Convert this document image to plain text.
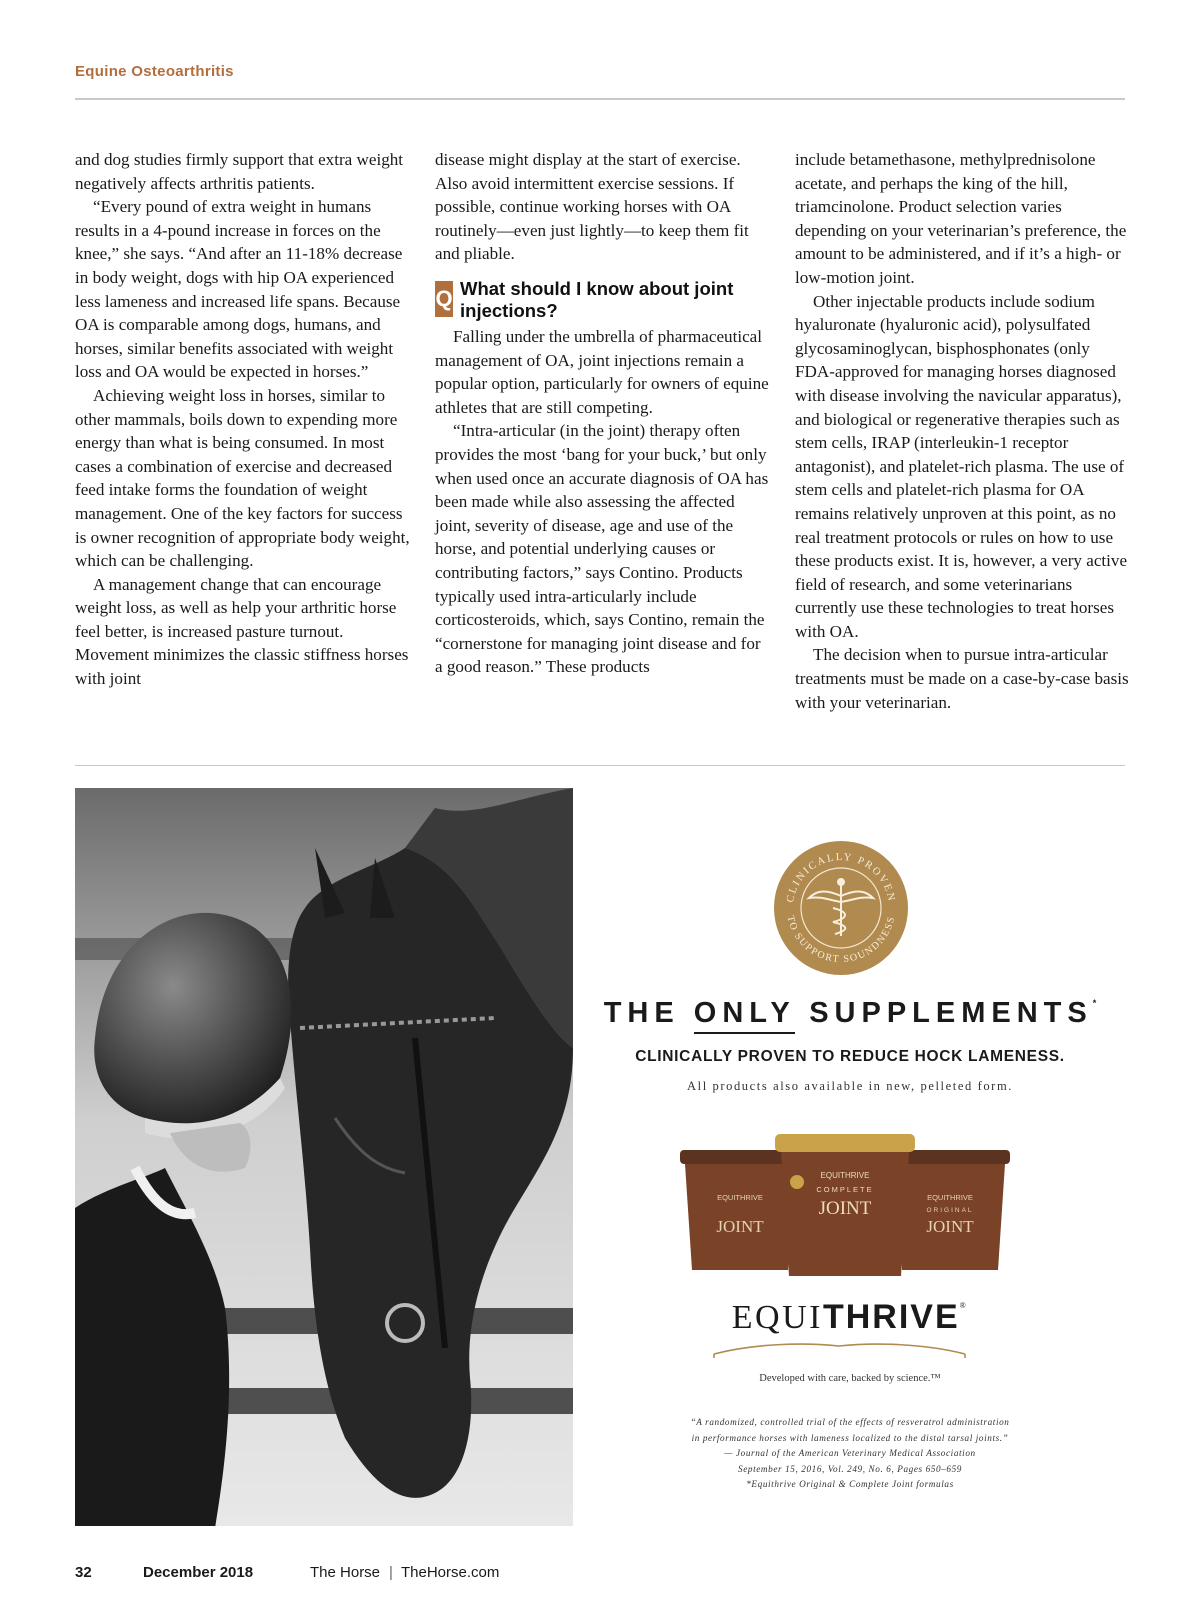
Equine Osteoarthritis

and dog studies firmly support that extra weight negatively affects arthritis patients.

“Every pound of extra weight in humans results in a 4-pound increase in forces on the knee,” she says. “And after an 11-18% decrease in body weight, dogs with hip OA experienced less lameness and increased life spans. Because OA is comparable among dogs, humans, and horses, similar benefits associated with weight loss and OA would be expected in horses.”

Achieving weight loss in horses, similar to other mammals, boils down to expending more energy than what is being consumed. In most cases a combination of exercise and decreased feed intake forms the foundation of weight management. One of the key factors for success is owner recognition of appropriate body weight, which can be challenging.

A management change that can encourage weight loss, as well as help your arthritic horse feel better, is increased pasture turnout. Movement minimizes the classic stiffness horses with joint

disease might display at the start of exercise. Also avoid intermittent exercise sessions. If possible, continue working horses with OA routinely—even just lightly—to keep them fit and pliable.

Q What should I know about joint injections?

Falling under the umbrella of pharmaceutical management of OA, joint injections remain a popular option, particularly for owners of equine athletes that are still competing.

“Intra-articular (in the joint) therapy often provides the most ‘bang for your buck,’ but only when used once an accurate diagnosis of OA has been made while also assessing the affected joint, severity of disease, age and use of the horse, and potential underlying causes or contributing factors,” says Contino. Products typically used intra-articularly include corticosteroids, which, says Contino, remain the “cornerstone for managing joint disease and for a good reason.” These products

include betamethasone, methylprednisolone acetate, and perhaps the king of the hill, triamcinolone. Product selection varies depending on your veterinarian’s preference, the amount to be administered, and if it’s a high- or low-motion joint.

Other injectable products include sodium hyaluronate (hyaluronic acid), polysulfated glycosaminoglycan, bisphosphonates (only FDA-approved for managing horses diagnosed with disease involving the navicular apparatus), and biological or regenerative therapies such as stem cells, IRAP (interleukin-1 receptor antagonist), and platelet-rich plasma. The use of stem cells and platelet-rich plasma for OA remains relatively unproven at this point, as no real treatment protocols or rules on how to use these products exist. It is, however, a very active field of research, and some veterinarians currently use these technologies to treat horses with OA.

The decision when to pursue intra-articular treatments must be made on a case-by-case basis with your veterinarian.

CLINICALLY PROVEN
TO SUPPORT SOUNDNESS
THE ONLY SUPPLEMENTS*
CLINICALLY PROVEN TO REDUCE HOCK LAMENESS.
All products also available in new, pelleted form.
EQUITHRIVE
JOINT
EQUITHRIVE
ORIGINAL
JOINT
EQUITHRIVE
COMPLETE
JOINT
EQUITHRIVE®
Developed with care, backed by science.™
“A randomized, controlled trial of the effects of resveratrol administration
in performance horses with lameness localized to the distal tarsal joints.”
— Journal of the American Veterinary Medical Association
September 15, 2016, Vol. 249, No. 6, Pages 650–659
*Equithrive Original & Complete Joint formulas
32	December 2018	The Horse | TheHorse.com
